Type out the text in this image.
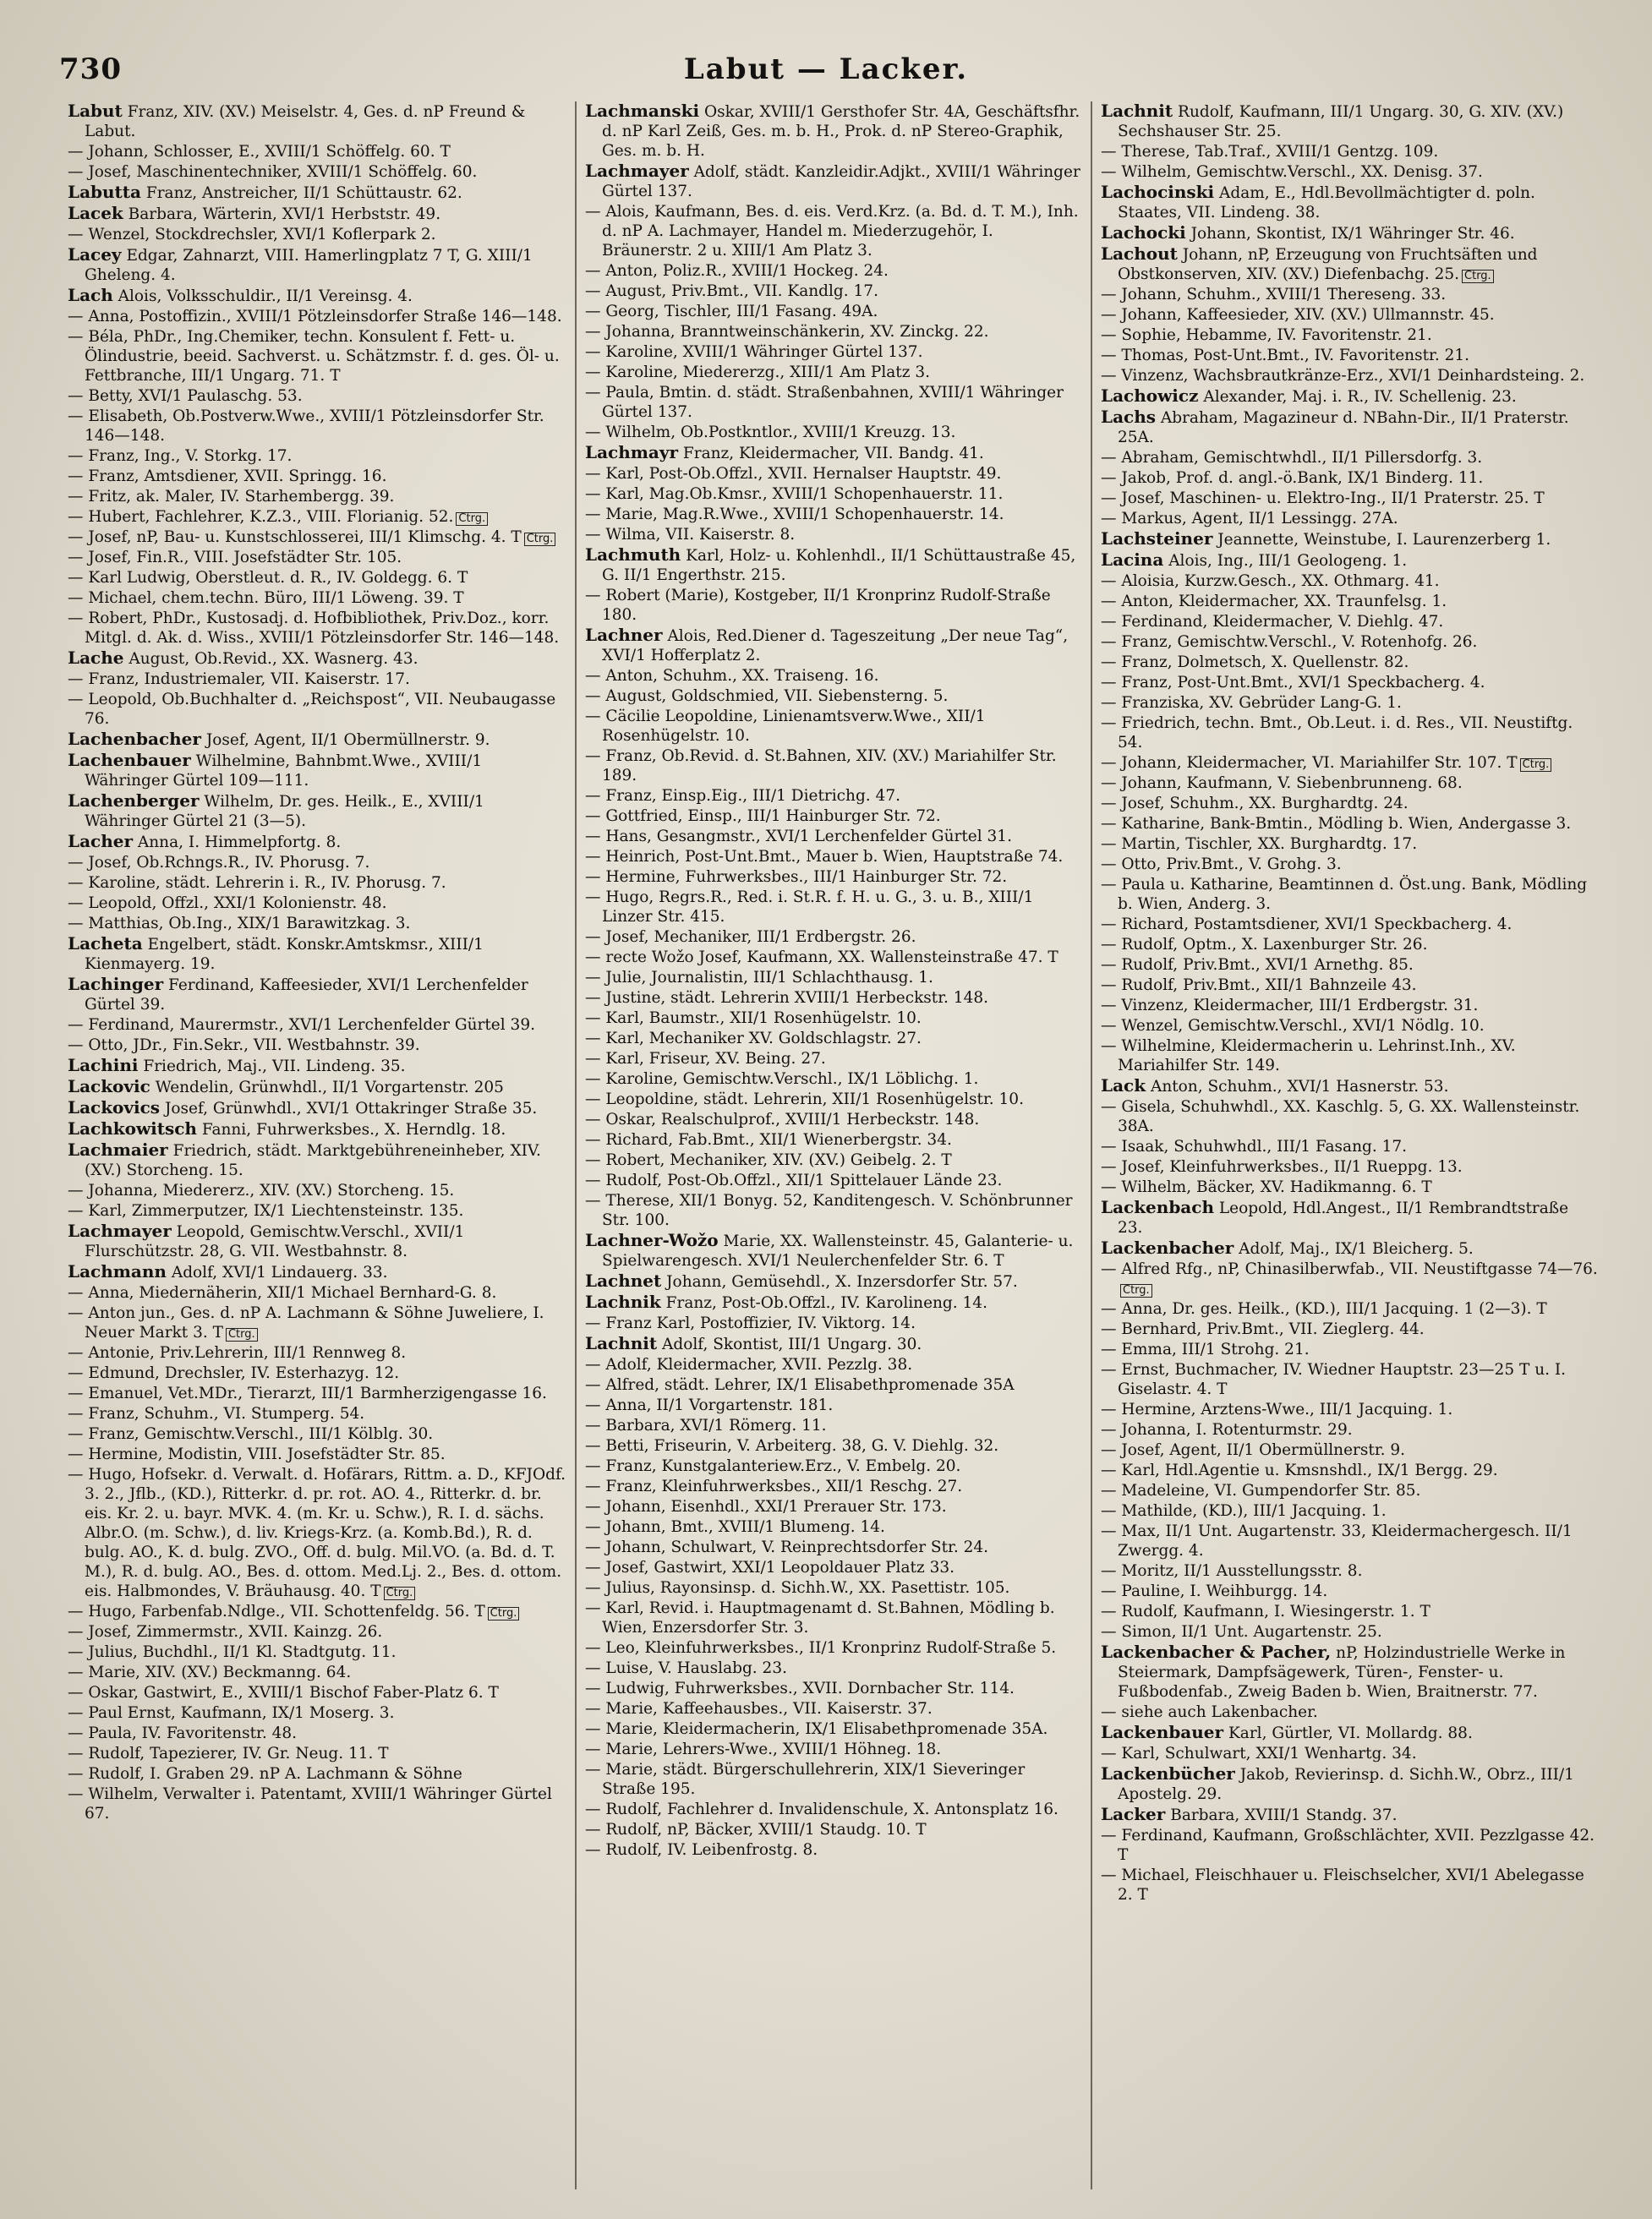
730	Labut — Lacker.

Labut Franz, XIV. (XV.) Meiselstr. 4, Ges. d. nP Freund & Labut.

— Johann, Schlosser, E., XVIII/1 Schöffelg. 60. T

— Josef, Maschinentechniker, XVIII/1 Schöffelg. 60.

Labutta Franz, Anstreicher, II/1 Schüttaustr. 62.

Lacek Barbara, Wärterin, XVI/1 Herbststr. 49.

— Wenzel, Stockdrechsler, XVI/1 Koflerpark 2.

Lacey Edgar, Zahnarzt, VIII. Hamerlingplatz 7 T, G. XIII/1 Gheleng. 4.

Lach Alois, Volksschuldir., II/1 Vereinsg. 4.

— Anna, Postoffizin., XVIII/1 Pötzleinsdorfer Straße 146—148.

— Béla, PhDr., Ing.Chemiker, techn. Konsulent f. Fett- u. Ölindustrie, beeid. Sachverst. u. Schätzmstr. f. d. ges. Öl- u. Fettbranche, III/1 Ungarg. 71. T

— Betty, XVI/1 Paulaschg. 53.

— Elisabeth, Ob.Postverw.Wwe., XVIII/1 Pötzleinsdorfer Str. 146—148.

— Franz, Ing., V. Storkg. 17.

— Franz, Amtsdiener, XVII. Springg. 16.

— Fritz, ak. Maler, IV. Starhembergg. 39.

— Hubert, Fachlehrer, K.Z.3., VIII. Florianig. 52. Ctrg.

— Josef, nP, Bau- u. Kunstschlosserei, III/1 Klimschg. 4. T Ctrg.

— Josef, Fin.R., VIII. Josefstädter Str. 105.

— Karl Ludwig, Oberstleut. d. R., IV. Goldegg. 6. T

— Michael, chem.techn. Büro, III/1 Löweng. 39. T

— Robert, PhDr., Kustosadj. d. Hofbibliothek, Priv.Doz., korr. Mitgl. d. Ak. d. Wiss., XVIII/1 Pötzleinsdorfer Str. 146—148.

Lache August, Ob.Revid., XX. Wasnerg. 43.

— Franz, Industriemaler, VII. Kaiserstr. 17.

— Leopold, Ob.Buchhalter d. „Reichspost“, VII. Neubaugasse 76.

Lachenbacher Josef, Agent, II/1 Obermüllnerstr. 9.

Lachenbauer Wilhelmine, Bahnbmt.Wwe., XVIII/1 Währinger Gürtel 109—111.

Lachenberger Wilhelm, Dr. ges. Heilk., E., XVIII/1 Währinger Gürtel 21 (3—5).

Lacher Anna, I. Himmelpfortg. 8.

— Josef, Ob.Rchngs.R., IV. Phorusg. 7.

— Karoline, städt. Lehrerin i. R., IV. Phorusg. 7.

— Leopold, Offzl., XXI/1 Kolonienstr. 48.

— Matthias, Ob.Ing., XIX/1 Barawitzkag. 3.

Lacheta Engelbert, städt. Konskr.Amtskmsr., XIII/1 Kienmayerg. 19.

Lachinger Ferdinand, Kaffeesieder, XVI/1 Lerchenfelder Gürtel 39.

— Ferdinand, Maurermstr., XVI/1 Lerchenfelder Gürtel 39.

— Otto, JDr., Fin.Sekr., VII. Westbahnstr. 39.

Lachini Friedrich, Maj., VII. Lindeng. 35.

Lackovic Wendelin, Grünwhdl., II/1 Vorgartenstr. 205

Lackovics Josef, Grünwhdl., XVI/1 Ottakringer Straße 35.

Lachkowitsch Fanni, Fuhrwerksbes., X. Herndlg. 18.

Lachmaier Friedrich, städt. Marktgebühreneinheber, XIV. (XV.) Storcheng. 15.

— Johanna, Miedererz., XIV. (XV.) Storcheng. 15.

— Karl, Zimmerputzer, IX/1 Liechtensteinstr. 135.

Lachmayer Leopold, Gemischtw.Verschl., XVII/1 Flurschützstr. 28, G. VII. Westbahnstr. 8.

Lachmann Adolf, XVI/1 Lindauerg. 33.

— Anna, Miedernäherin, XII/1 Michael Bernhard-G. 8.

— Anton jun., Ges. d. nP A. Lachmann & Söhne Juweliere, I. Neuer Markt 3. T Ctrg.

— Antonie, Priv.Lehrerin, III/1 Rennweg 8.

— Edmund, Drechsler, IV. Esterhazyg. 12.

— Emanuel, Vet.MDr., Tierarzt, III/1 Barmherzigengasse 16.

— Franz, Schuhm., VI. Stumperg. 54.

— Franz, Gemischtw.Verschl., III/1 Kölblg. 30.

— Hermine, Modistin, VIII. Josefstädter Str. 85.

— Hugo, Hofsekr. d. Verwalt. d. Hofärars, Rittm. a. D., KFJOdf. 3. 2., Jflb., (KD.), Ritterkr. d. pr. rot. AO. 4., Ritterkr. d. br. eis. Kr. 2. u. bayr. MVK. 4. (m. Kr. u. Schw.), R. I. d. sächs. Albr.O. (m. Schw.), d. liv. Kriegs-Krz. (a. Komb.Bd.), R. d. bulg. AO., K. d. bulg. ZVO., Off. d. bulg. Mil.VO. (a. Bd. d. T. M.), R. d. bulg. AO., Bes. d. ottom. Med.Lj. 2., Bes. d. ottom. eis. Halbmondes, V. Bräuhausg. 40. T Ctrg.

— Hugo, Farbenfab.Ndlge., VII. Schottenfeldg. 56. T Ctrg.

— Josef, Zimmermstr., XVII. Kainzg. 26.

— Julius, Buchdhl., II/1 Kl. Stadtgutg. 11.

— Marie, XIV. (XV.) Beckmanng. 64.

— Oskar, Gastwirt, E., XVIII/1 Bischof Faber-Platz 6. T

— Paul Ernst, Kaufmann, IX/1 Moserg. 3.

— Paula, IV. Favoritenstr. 48.

— Rudolf, Tapezierer, IV. Gr. Neug. 11. T

— Rudolf, I. Graben 29. nP A. Lachmann & Söhne

— Wilhelm, Verwalter i. Patentamt, XVIII/1 Währinger Gürtel 67.

Lachmanski Oskar, XVIII/1 Gersthofer Str. 4A, Geschäftsfhr. d. nP Karl Zeiß, Ges. m. b. H., Prok. d. nP Stereo-Graphik, Ges. m. b. H.

Lachmayer Adolf, städt. Kanzleidir.Adjkt., XVIII/1 Währinger Gürtel 137.

— Alois, Kaufmann, Bes. d. eis. Verd.Krz. (a. Bd. d. T. M.), Inh. d. nP A. Lachmayer, Handel m. Miederzugehör, I. Bräunerstr. 2 u. XIII/1 Am Platz 3.

— Anton, Poliz.R., XVIII/1 Hockeg. 24.

— August, Priv.Bmt., VII. Kandlg. 17.

— Georg, Tischler, III/1 Fasang. 49A.

— Johanna, Branntweinschänkerin, XV. Zinckg. 22.

— Karoline, XVIII/1 Währinger Gürtel 137.

— Karoline, Miedererzg., XIII/1 Am Platz 3.

— Paula, Bmtin. d. städt. Straßenbahnen, XVIII/1 Währinger Gürtel 137.

— Wilhelm, Ob.Postkntlor., XVIII/1 Kreuzg. 13.

Lachmayr Franz, Kleidermacher, VII. Bandg. 41.

— Karl, Post-Ob.Offzl., XVII. Hernalser Hauptstr. 49.

— Karl, Mag.Ob.Kmsr., XVIII/1 Schopenhauerstr. 11.

— Marie, Mag.R.Wwe., XVIII/1 Schopenhauerstr. 14.

— Wilma, VII. Kaiserstr. 8.

Lachmuth Karl, Holz- u. Kohlenhdl., II/1 Schüttaustraße 45, G. II/1 Engerthstr. 215.

— Robert (Marie), Kostgeber, II/1 Kronprinz Rudolf-Straße 180.

Lachner Alois, Red.Diener d. Tageszeitung „Der neue Tag“, XVI/1 Hofferplatz 2.

— Anton, Schuhm., XX. Traiseng. 16.

— August, Goldschmied, VII. Siebensterng. 5.

— Cäcilie Leopoldine, Linienamtsverw.Wwe., XII/1 Rosenhügelstr. 10.

— Franz, Ob.Revid. d. St.Bahnen, XIV. (XV.) Mariahilfer Str. 189.

— Franz, Einsp.Eig., III/1 Dietrichg. 47.

— Gottfried, Einsp., III/1 Hainburger Str. 72.

— Hans, Gesangmstr., XVI/1 Lerchenfelder Gürtel 31.

— Heinrich, Post-Unt.Bmt., Mauer b. Wien, Hauptstraße 74.

— Hermine, Fuhrwerksbes., III/1 Hainburger Str. 72.

— Hugo, Regrs.R., Red. i. St.R. f. H. u. G., 3. u. B., XIII/1 Linzer Str. 415.

— Josef, Mechaniker, III/1 Erdbergstr. 26.

— recte Wožo Josef, Kaufmann, XX. Wallensteinstraße 47. T

— Julie, Journalistin, III/1 Schlachthausg. 1.

— Justine, städt. Lehrerin XVIII/1 Herbeckstr. 148.

— Karl, Baumstr., XII/1 Rosenhügelstr. 10.

— Karl, Mechaniker XV. Goldschlagstr. 27.

— Karl, Friseur, XV. Being. 27.

— Karoline, Gemischtw.Verschl., IX/1 Löblichg. 1.

— Leopoldine, städt. Lehrerin, XII/1 Rosenhügelstr. 10.

— Oskar, Realschulprof., XVIII/1 Herbeckstr. 148.

— Richard, Fab.Bmt., XII/1 Wienerbergstr. 34.

— Robert, Mechaniker, XIV. (XV.) Geibelg. 2. T

— Rudolf, Post-Ob.Offzl., XII/1 Spittelauer Lände 23.

— Therese, XII/1 Bonyg. 52, Kanditengesch. V. Schönbrunner Str. 100.

Lachner-Wožo Marie, XX. Wallensteinstr. 45, Galanterie- u. Spielwarengesch. XVI/1 Neulerchenfelder Str. 6. T

Lachnet Johann, Gemüsehdl., X. Inzersdorfer Str. 57.

Lachnik Franz, Post-Ob.Offzl., IV. Karolineng. 14.

— Franz Karl, Postoffizier, IV. Viktorg. 14.

Lachnit Adolf, Skontist, III/1 Ungarg. 30.

— Adolf, Kleidermacher, XVII. Pezzlg. 38.

— Alfred, städt. Lehrer, IX/1 Elisabethpromenade 35A

— Anna, II/1 Vorgartenstr. 181.

— Barbara, XVI/1 Römerg. 11.

— Betti, Friseurin, V. Arbeiterg. 38, G. V. Diehlg. 32.

— Franz, Kunstgalanteriew.Erz., V. Embelg. 20.

— Franz, Kleinfuhrwerksbes., XII/1 Reschg. 27.

— Johann, Eisenhdl., XXI/1 Prerauer Str. 173.

— Johann, Bmt., XVIII/1 Blumeng. 14.

— Johann, Schulwart, V. Reinprechtsdorfer Str. 24.

— Josef, Gastwirt, XXI/1 Leopoldauer Platz 33.

— Julius, Rayonsinsp. d. Sichh.W., XX. Pasettistr. 105.

— Karl, Revid. i. Hauptmagenamt d. St.Bahnen, Mödling b. Wien, Enzersdorfer Str. 3.

— Leo, Kleinfuhrwerksbes., II/1 Kronprinz Rudolf-Straße 5.

— Luise, V. Hauslabg. 23.

— Ludwig, Fuhrwerksbes., XVII. Dornbacher Str. 114.

— Marie, Kaffeehausbes., VII. Kaiserstr. 37.

— Marie, Kleidermacherin, IX/1 Elisabethpromenade 35A.

— Marie, Lehrers-Wwe., XVIII/1 Höhneg. 18.

— Marie, städt. Bürgerschullehrerin, XIX/1 Sieveringer Straße 195.

— Rudolf, Fachlehrer d. Invalidenschule, X. Antonsplatz 16.

— Rudolf, nP, Bäcker, XVIII/1 Staudg. 10. T

— Rudolf, IV. Leibenfrostg. 8.

Lachnit Rudolf, Kaufmann, III/1 Ungarg. 30, G. XIV. (XV.) Sechshauser Str. 25.

— Therese, Tab.Traf., XVIII/1 Gentzg. 109.

— Wilhelm, Gemischtw.Verschl., XX. Denisg. 37.

Lachocinski Adam, E., Hdl.Bevollmächtigter d. poln. Staates, VII. Lindeng. 38.

Lachocki Johann, Skontist, IX/1 Währinger Str. 46.

Lachout Johann, nP, Erzeugung von Fruchtsäften und Obstkonserven, XIV. (XV.) Diefenbachg. 25. Ctrg.

— Johann, Schuhm., XVIII/1 Thereseng. 33.

— Johann, Kaffeesieder, XIV. (XV.) Ullmannstr. 45.

— Sophie, Hebamme, IV. Favoritenstr. 21.

— Thomas, Post-Unt.Bmt., IV. Favoritenstr. 21.

— Vinzenz, Wachsbrautkränze-Erz., XVI/1 Deinhardsteing. 2.

Lachowicz Alexander, Maj. i. R., IV. Schellenig. 23.

Lachs Abraham, Magazineur d. NBahn-Dir., II/1 Praterstr. 25A.

— Abraham, Gemischtwhdl., II/1 Pillersdorfg. 3.

— Jakob, Prof. d. angl.-ö.Bank, IX/1 Binderg. 11.

— Josef, Maschinen- u. Elektro-Ing., II/1 Praterstr. 25. T

— Markus, Agent, II/1 Lessingg. 27A.

Lachsteiner Jeannette, Weinstube, I. Laurenzerberg 1.

Lacina Alois, Ing., III/1 Geologeng. 1.

— Aloisia, Kurzw.Gesch., XX. Othmarg. 41.

— Anton, Kleidermacher, XX. Traunfelsg. 1.

— Ferdinand, Kleidermacher, V. Diehlg. 47.

— Franz, Gemischtw.Verschl., V. Rotenhofg. 26.

— Franz, Dolmetsch, X. Quellenstr. 82.

— Franz, Post-Unt.Bmt., XVI/1 Speckbacherg. 4.

— Franziska, XV. Gebrüder Lang-G. 1.

— Friedrich, techn. Bmt., Ob.Leut. i. d. Res., VII. Neustiftg. 54.

— Johann, Kleidermacher, VI. Mariahilfer Str. 107. T Ctrg.

— Johann, Kaufmann, V. Siebenbrunneng. 68.

— Josef, Schuhm., XX. Burghardtg. 24.

— Katharine, Bank-Bmtin., Mödling b. Wien, Andergasse 3.

— Martin, Tischler, XX. Burghardtg. 17.

— Otto, Priv.Bmt., V. Grohg. 3.

— Paula u. Katharine, Beamtinnen d. Öst.ung. Bank, Mödling b. Wien, Anderg. 3.

— Richard, Postamtsdiener, XVI/1 Speckbacherg. 4.

— Rudolf, Optm., X. Laxenburger Str. 26.

— Rudolf, Priv.Bmt., XVI/1 Arnethg. 85.

— Rudolf, Priv.Bmt., XII/1 Bahnzeile 43.

— Vinzenz, Kleidermacher, III/1 Erdbergstr. 31.

— Wenzel, Gemischtw.Verschl., XVI/1 Nödlg. 10.

— Wilhelmine, Kleidermacherin u. Lehrinst.Inh., XV. Mariahilfer Str. 149.

Lack Anton, Schuhm., XVI/1 Hasnerstr. 53.

— Gisela, Schuhwhdl., XX. Kaschlg. 5, G. XX. Wallensteinstr. 38A.

— Isaak, Schuhwhdl., III/1 Fasang. 17.

— Josef, Kleinfuhrwerksbes., II/1 Rueppg. 13.

— Wilhelm, Bäcker, XV. Hadikmanng. 6. T

Lackenbach Leopold, Hdl.Angest., II/1 Rembrandtstraße 23.

Lackenbacher Adolf, Maj., IX/1 Bleicherg. 5.

— Alfred Rfg., nP, Chinasilberwfab., VII. Neustiftgasse 74—76.Ctrg.

— Anna, Dr. ges. Heilk., (KD.), III/1 Jacquing. 1 (2—3). T

— Bernhard, Priv.Bmt., VII. Zieglerg. 44.

— Emma, III/1 Strohg. 21.

— Ernst, Buchmacher, IV. Wiedner Hauptstr. 23—25 T u. I. Giselastr. 4. T

— Hermine, Arztens-Wwe., III/1 Jacquing. 1.

— Johanna, I. Rotenturmstr. 29.

— Josef, Agent, II/1 Obermüllnerstr. 9.

— Karl, Hdl.Agentie u. Kmsnshdl., IX/1 Bergg. 29.

— Madeleine, VI. Gumpendorfer Str. 85.

— Mathilde, (KD.), III/1 Jacquing. 1.

— Max, II/1 Unt. Augartenstr. 33, Kleidermachergesch. II/1 Zwergg. 4.

— Moritz, II/1 Ausstellungsstr. 8.

— Pauline, I. Weihburgg. 14.

— Rudolf, Kaufmann, I. Wiesingerstr. 1. T

— Simon, II/1 Unt. Augartenstr. 25.

Lackenbacher & Pacher, nP, Holzindustrielle Werke in Steiermark, Dampfsägewerk, Türen-, Fenster- u. Fußbodenfab., Zweig Baden b. Wien, Braitnerstr. 77.

— siehe auch Lakenbacher.

Lackenbauer Karl, Gürtler, VI. Mollardg. 88.

— Karl, Schulwart, XXI/1 Wenhartg. 34.

Lackenbücher Jakob, Revierinsp. d. Sichh.W., Obrz., III/1 Apostelg. 29.

Lacker Barbara, XVIII/1 Standg. 37.

— Ferdinand, Kaufmann, Großschlächter, XVII. Pezzlgasse 42. T

— Michael, Fleischhauer u. Fleischselcher, XVI/1 Abelegasse 2. T
